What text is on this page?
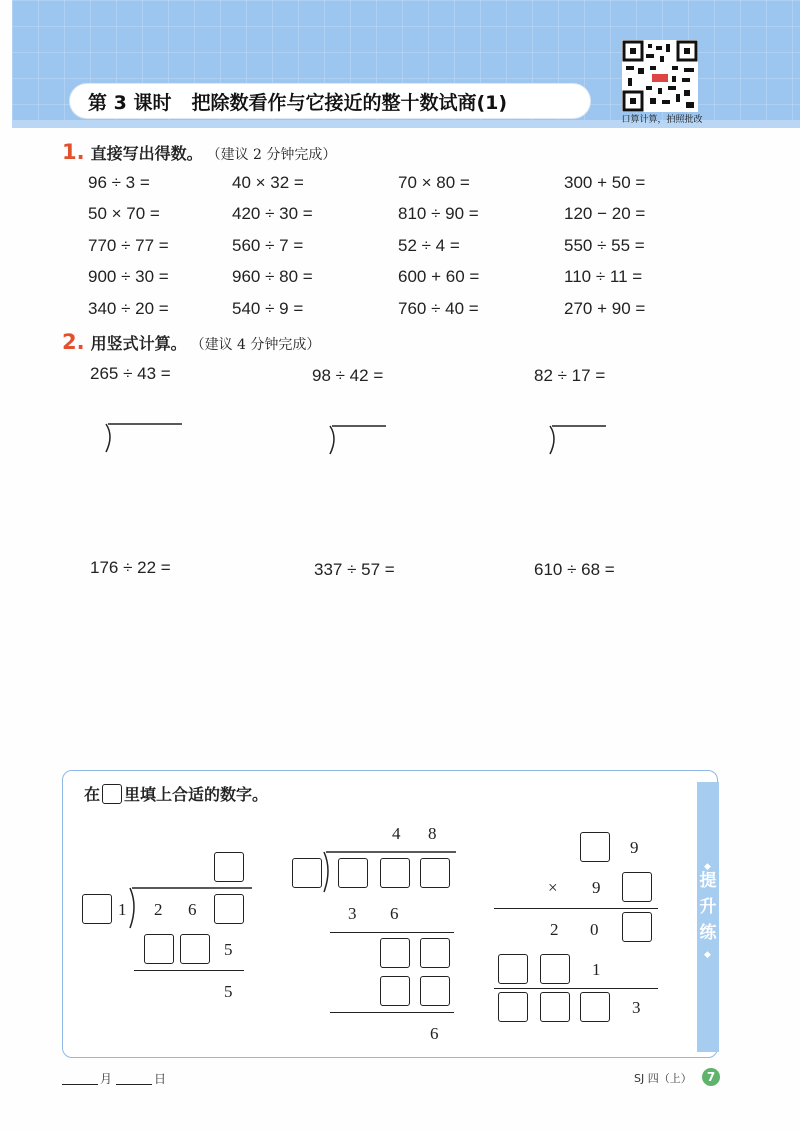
第 3 课时 把除数看作与它接近的整十数试商(1)
口算计算，拍照批改
1. 直接写出得数。 （建议 2 分钟完成）
96 ÷ 3 =	40 × 32 =	70 × 80 =	300 + 50 =
50 × 70 =	420 ÷ 30 =	810 ÷ 90 =	120 − 20 =
770 ÷ 77 =	560 ÷ 7 =	52 ÷ 4 =	550 ÷ 55 =
900 ÷ 30 =	960 ÷ 80 =	600 + 60 =	110 ÷ 11 =
340 ÷ 20 =	540 ÷ 9 =	760 ÷ 40 =	270 + 90 =
2. 用竖式计算。 （建议 4 分钟完成）
265 ÷ 43 =	98 ÷ 42 =	82 ÷ 17 =
176 ÷ 22 =	337 ÷ 57 =	610 ÷ 68 =
提升练
◆
◆
在 里填上合适的数字。
1 2 6
5
5
4 8
3 6
6
9
× 9
2 0
1
3
月	日	SJ 四（上）	7
